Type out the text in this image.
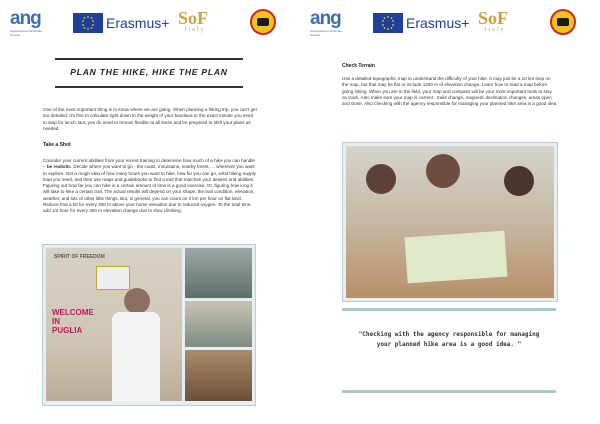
ang
Associazione Nazionale Giovani
Erasmus+ SoF
Italy
PLAN THE HIKE, HIKE THE PLAN
One of the most important thing is to know where we are going. When planning a hiking trip, you can't get too detailed. It's fine to calculate right down to the weight of your bandana or the exact minute you need to stop for lunch. But, you do need to remain flexible at all times and be prepared to shift your plans as needed.
Take a Shot
Consider your current abilities from your recent training to determine how much of a hike you can handle – be realistic. Decide where you want to go - the coast, mountains, nearby forest, ... wherever you want to explore. Get a rough idea of how many hours you want to hike, how far you can go, what hiking supply load you need, and then use maps and guidebooks to find a trail that matches your desires and abilities. Figuring out how far you can hike in a certain amount of time is a good exercise. Or, figuring how long it will take to hike a certain trail. The actual results will depend on your shape, the trail condition, elevation, weather, and lots of other little things. But, in general, you can count on 3 km per hour on flat land. Reduce that a bit for every 300 m above your home elevation due to reduced oxygen. To the total time, add 1/2 hour for every 300 m elevation change due to slow climbing.
SPIRIT OF FREEDOM
WELCOME IN PUGLIA
ang
Associazione Nazionale Giovani
Erasmus+ SoF
Italy
Check Terrain
Use a detailed topographic map to understand the difficulty of your hike. It may just be a 10 km loop on the map, but that may be flat or include 1200 m of elevation change. Learn how to read a map before going hiking. When you are in the field, your map and compass will be your most important tools to stay on track. Also make sure your map is current - trails change, magnetic declination changes, areas open and close. Also checking with the agency responsible for managing your planned hike area is a good idea.
"Checking with the agency responsible for managing your planned hike area is a good idea. "
